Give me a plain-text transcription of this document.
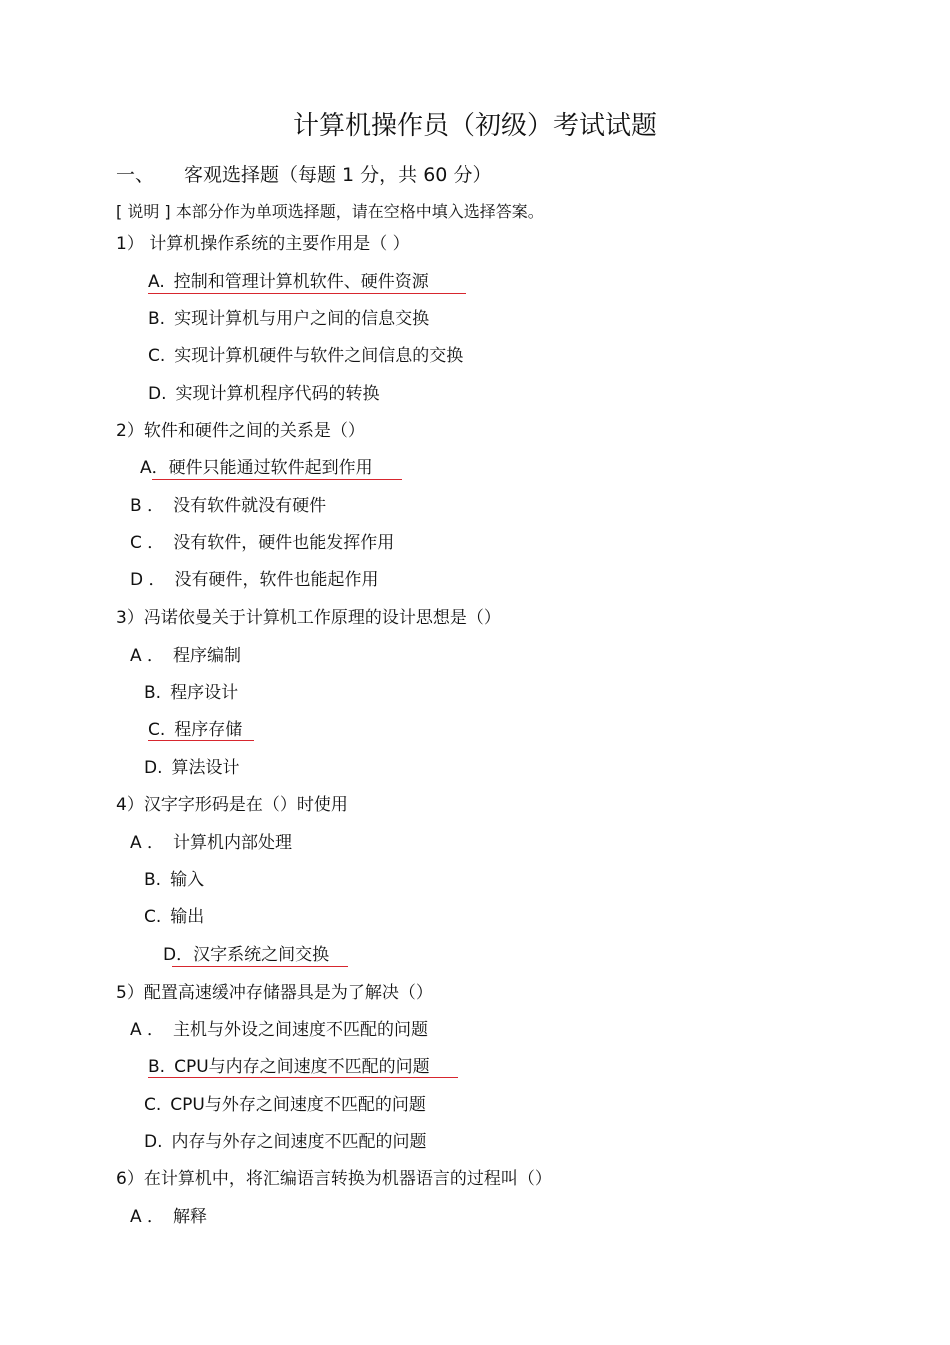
计算机操作员（初级）考试试题
一、 客观选择题（每题 1 分，共 60 分）
[ 说明 ] 本部分作为单项选择题，请在空格中填入选择答案。
1） 计算机操作系统的主要作用是（ ）
A. 控制和管理计算机软件、硬件资源
B. 实现计算机与用户之间的信息交换
C. 实现计算机硬件与软件之间信息的交换
D. 实现计算机程序代码的转换
2）软件和硬件之间的关系是（）
A．硬件只能通过软件起到作用
B ． 没有软件就没有硬件
C ． 没有软件，硬件也能发挥作用
D ． 没有硬件，软件也能起作用
3）冯诺依曼关于计算机工作原理的设计思想是（）
A ． 程序编制
B. 程序设计
C. 程序存储
D. 算法设计
4）汉字字形码是在（）时使用
A ． 计算机内部处理
B. 输入
C. 输出
D．汉字系统之间交换
5）配置高速缓冲存储器具是为了解决（）
A ． 主机与外设之间速度不匹配的问题
B. CPU与内存之间速度不匹配的问题
C. CPU与外存之间速度不匹配的问题
D. 内存与外存之间速度不匹配的问题
6）在计算机中，将汇编语言转换为机器语言的过程叫（）
A ． 解释
